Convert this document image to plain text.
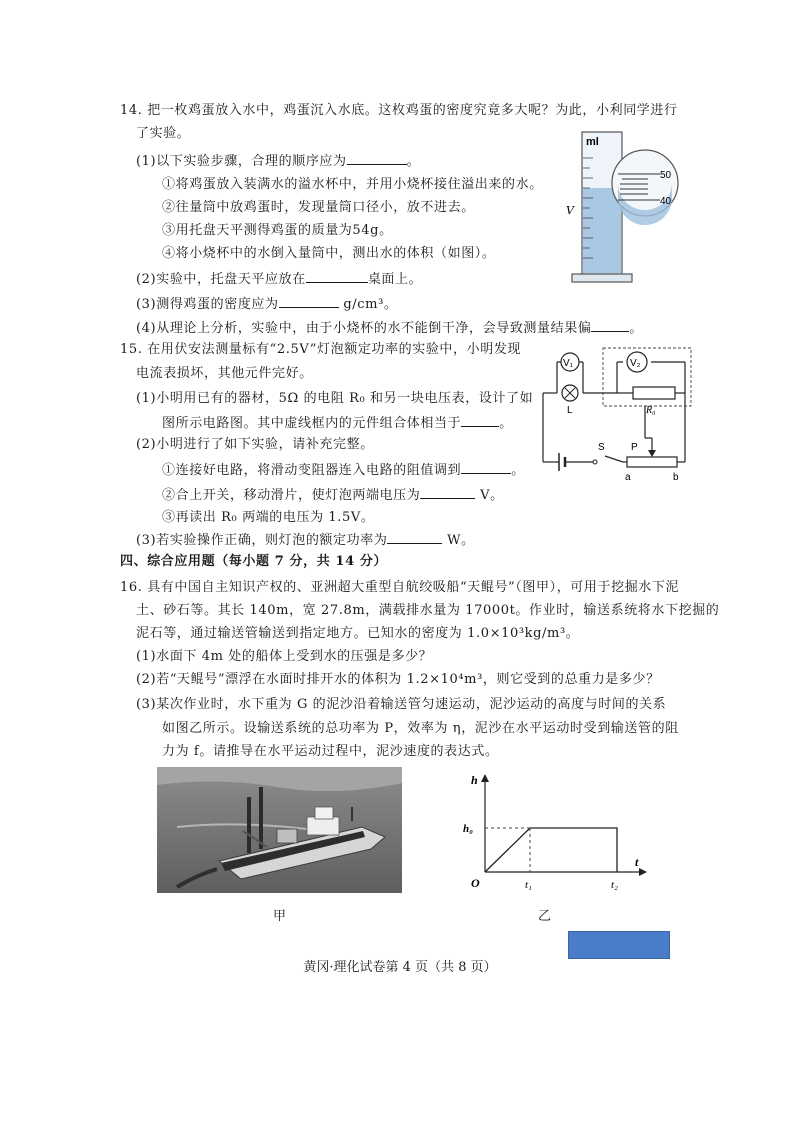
14. 把一枚鸡蛋放入水中，鸡蛋沉入水底。这枚鸡蛋的密度究竟多大呢？为此，小利同学进行
了实验。
(1)以下实验步骤，合理的顺序应为	。
①将鸡蛋放入装满水的溢水杯中，并用小烧杯接住溢出来的水。
②往量筒中放鸡蛋时，发现量筒口径小，放不进去。
③用托盘天平测得鸡蛋的质量为54g。
④将小烧杯中的水倒入量筒中，测出水的体积（如图）。
(2)实验中，托盘天平应放在	桌面上。
(3)测得鸡蛋的密度应为	g/cm³。
(4)从理论上分析，实验中，由于小烧杯的水不能倒干净，会导致测量结果偏	。
ml
50
40
V
15. 在用伏安法测量标有“2.5V”灯泡额定功率的实验中，小明发现
电流表损坏，其他元件完好。
(1)小明用已有的器材，5Ω 的电阻 R₀ 和另一块电压表，设计了如
图所示电路图。其中虚线框内的元件组合体相当于	。
(2)小明进行了如下实验，请补充完整。
①连接好电路，将滑动变阻器连入电路的阻值调到	。
②合上开关，移动滑片，使灯泡两端电压为	V。
③再读出 R₀ 两端的电压为 1.5V。
(3)若实验操作正确，则灯泡的额定功率为	W。
V₁
L
V₂
R₀
S	P
a	b
四、综合应用题（每小题 7 分，共 14 分）
16. 具有中国自主知识产权的、亚洲超大重型自航绞吸船“天鲲号”（图甲），可用于挖掘水下泥
土、砂石等。其长 140m，宽 27.8m，满载排水量为 17000t。作业时，输送系统将水下挖掘的
泥石等，通过输送管输送到指定地方。已知水的密度为 1.0×10³kg/m³。
(1)水面下 4m 处的船体上受到水的压强是多少？
(2)若“天鲲号”漂浮在水面时排开水的体积为 1.2×10⁴m³，则它受到的总重力是多少？
(3)某次作业时，水下重为 G 的泥沙沿着输送管匀速运动，泥沙运动的高度与时间的关系
如图乙所示。设输送系统的总功率为 P，效率为 η，泥沙在水平运动时受到输送管的阻
力为 f。请推导在水平运动过程中，泥沙速度的表达式。
甲
h
h₀
O	t₁	t₂
t
乙
黄冈·理化试卷第 4 页（共 8 页）
